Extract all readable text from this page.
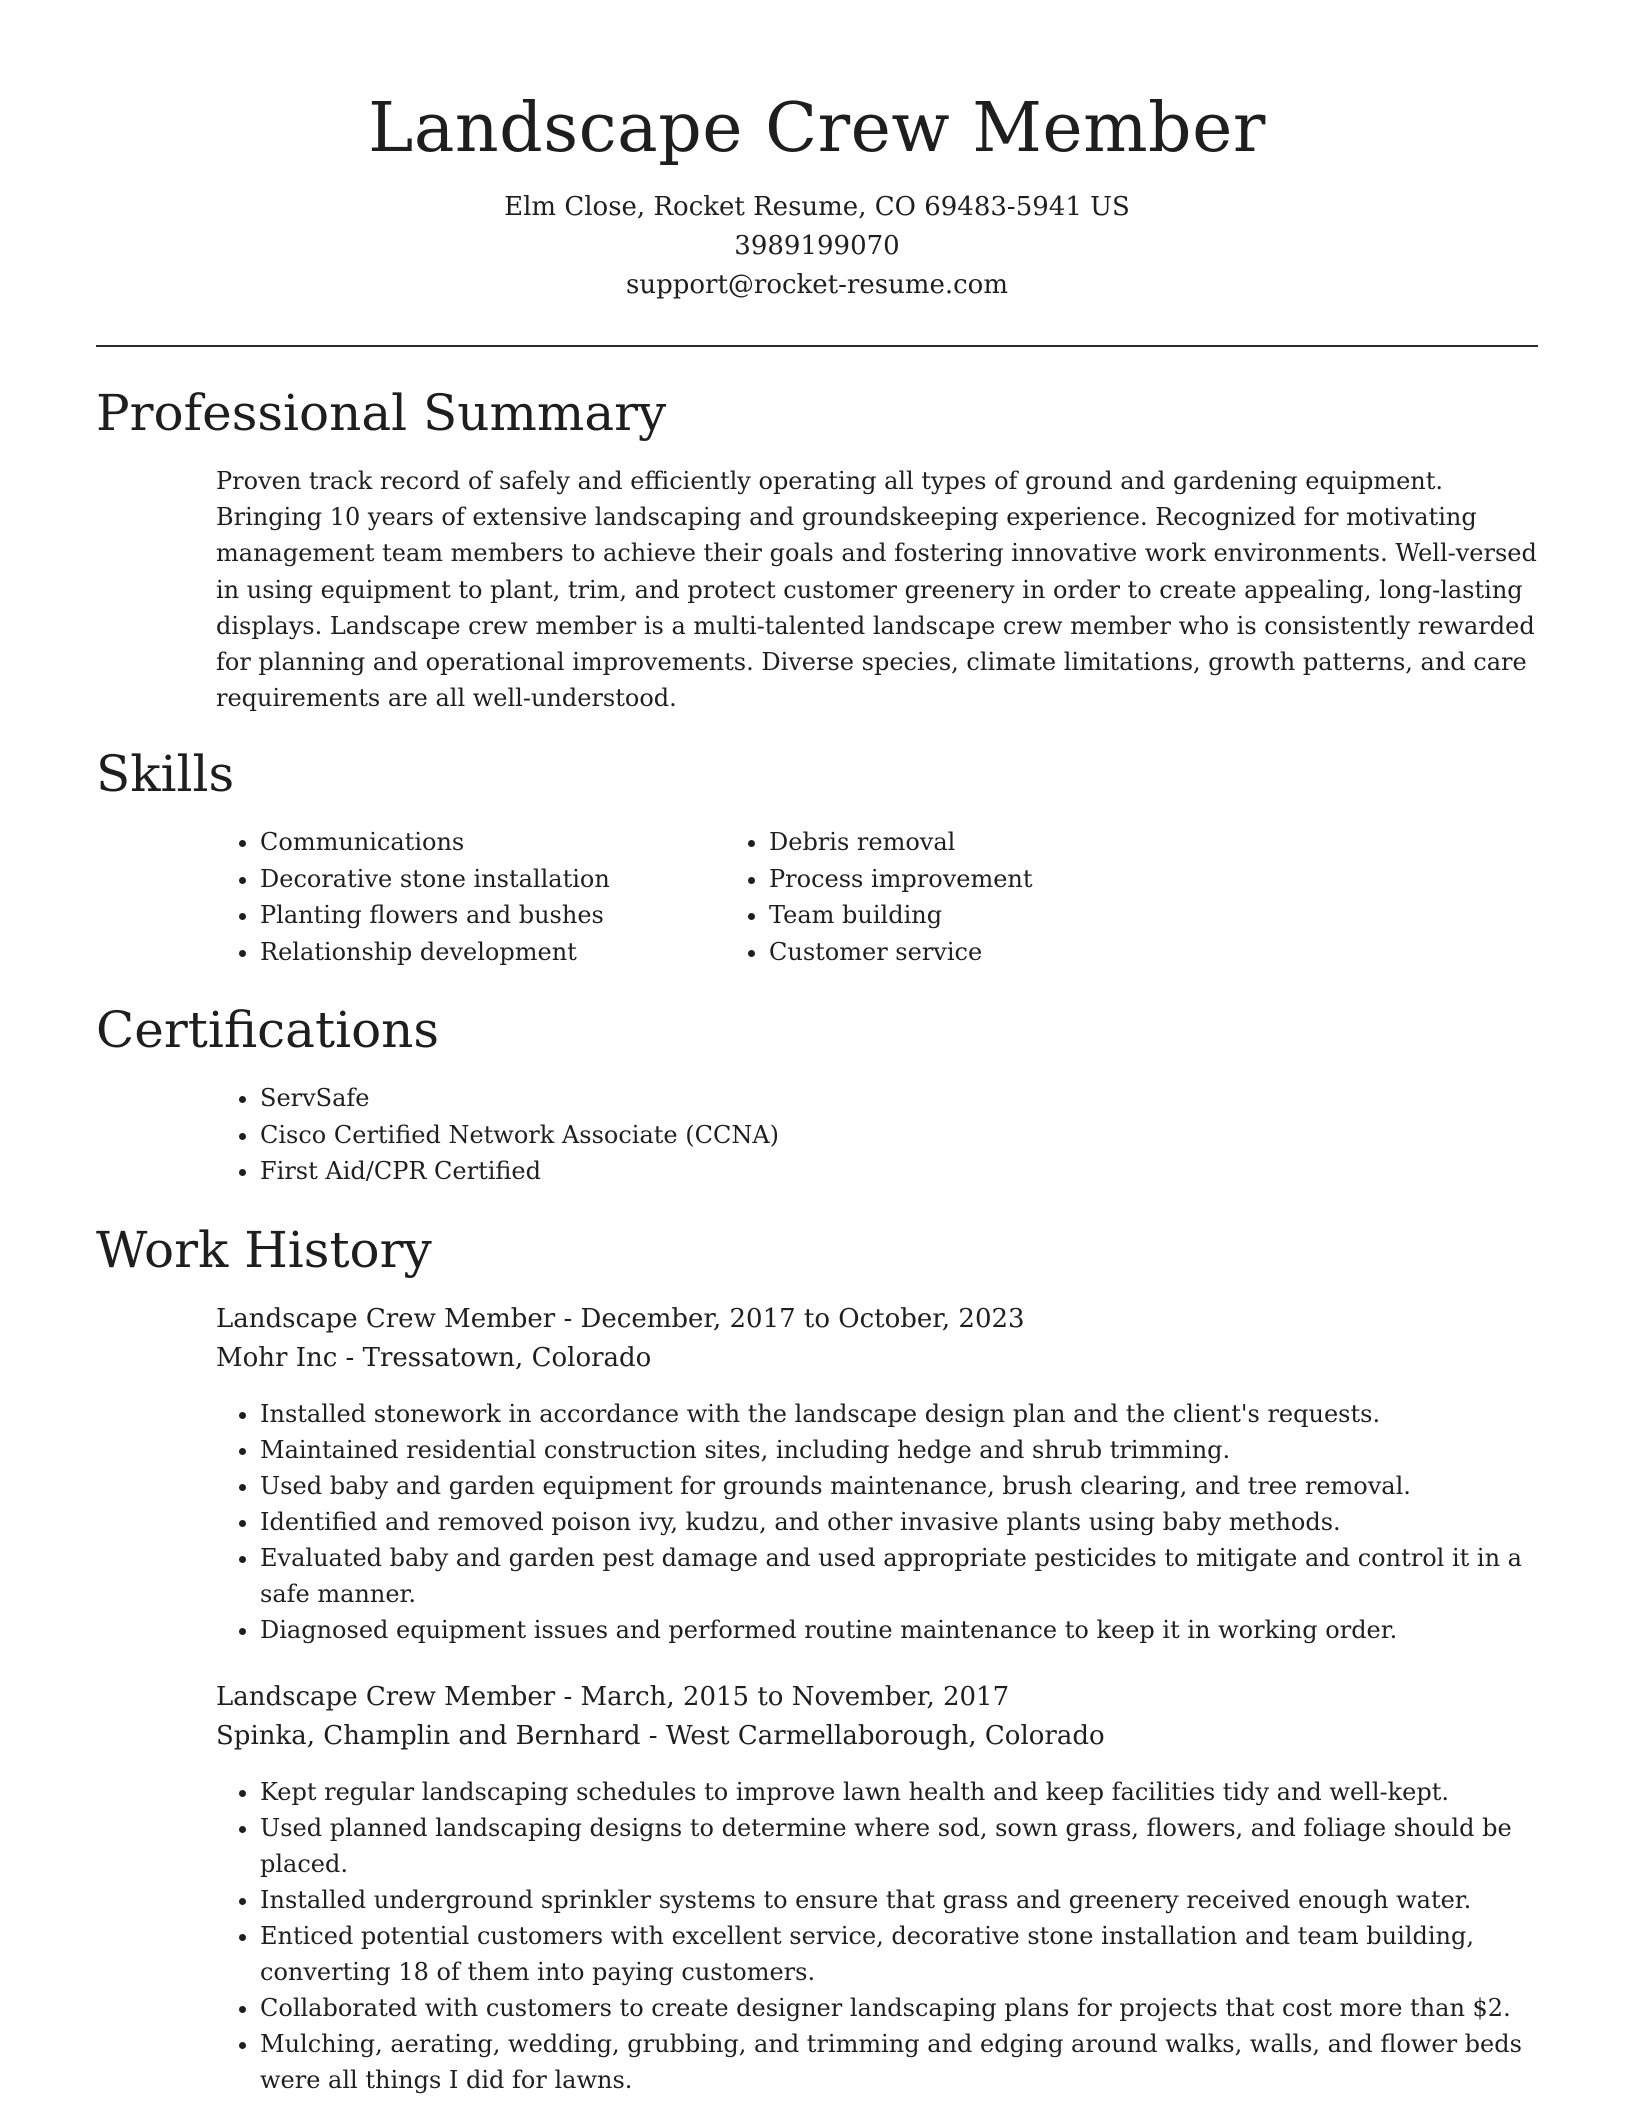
Landscape Crew Member
Elm Close, Rocket Resume, CO 69483-5941 US
3989199070
support@rocket-resume.com
Professional Summary

Proven track record of safely and efficiently operating all types of ground and gardening equipment. Bringing 10 years of extensive landscaping and groundskeeping experience. Recognized for motivating management team members to achieve their goals and fostering innovative work environments. Well-versed in using equipment to plant, trim, and protect customer greenery in order to create appealing, long-lasting displays. Landscape crew member is a multi-talented landscape crew member who is consistently rewarded for planning and operational improvements. Diverse species, climate limitations, growth patterns, and care requirements are all well-understood.

Skills
• Communications
• Decorative stone installation
• Planting flowers and bushes
• Relationship development
• Debris removal
• Process improvement
• Team building
• Customer service
Certifications
• ServSafe
• Cisco Certified Network Associate (CCNA)
• First Aid/CPR Certified
Work History
Landscape Crew Member - December, 2017 to October, 2023
Mohr Inc - Tressatown, Colorado
• Installed stonework in accordance with the landscape design plan and the client's requests.
• Maintained residential construction sites, including hedge and shrub trimming.
• Used baby and garden equipment for grounds maintenance, brush clearing, and tree removal.
• Identified and removed poison ivy, kudzu, and other invasive plants using baby methods.
• Evaluated baby and garden pest damage and used appropriate pesticides to mitigate and control it in a safe manner.
• Diagnosed equipment issues and performed routine maintenance to keep it in working order.
Landscape Crew Member - March, 2015 to November, 2017
Spinka, Champlin and Bernhard - West Carmellaborough, Colorado
• Kept regular landscaping schedules to improve lawn health and keep facilities tidy and well-kept.
• Used planned landscaping designs to determine where sod, sown grass, flowers, and foliage should be placed.
• Installed underground sprinkler systems to ensure that grass and greenery received enough water.
• Enticed potential customers with excellent service, decorative stone installation and team building, converting 18 of them into paying customers.
• Collaborated with customers to create designer landscaping plans for projects that cost more than $2.
• Mulching, aerating, wedding, grubbing, and trimming and edging around walks, walls, and flower beds were all things I did for lawns.
